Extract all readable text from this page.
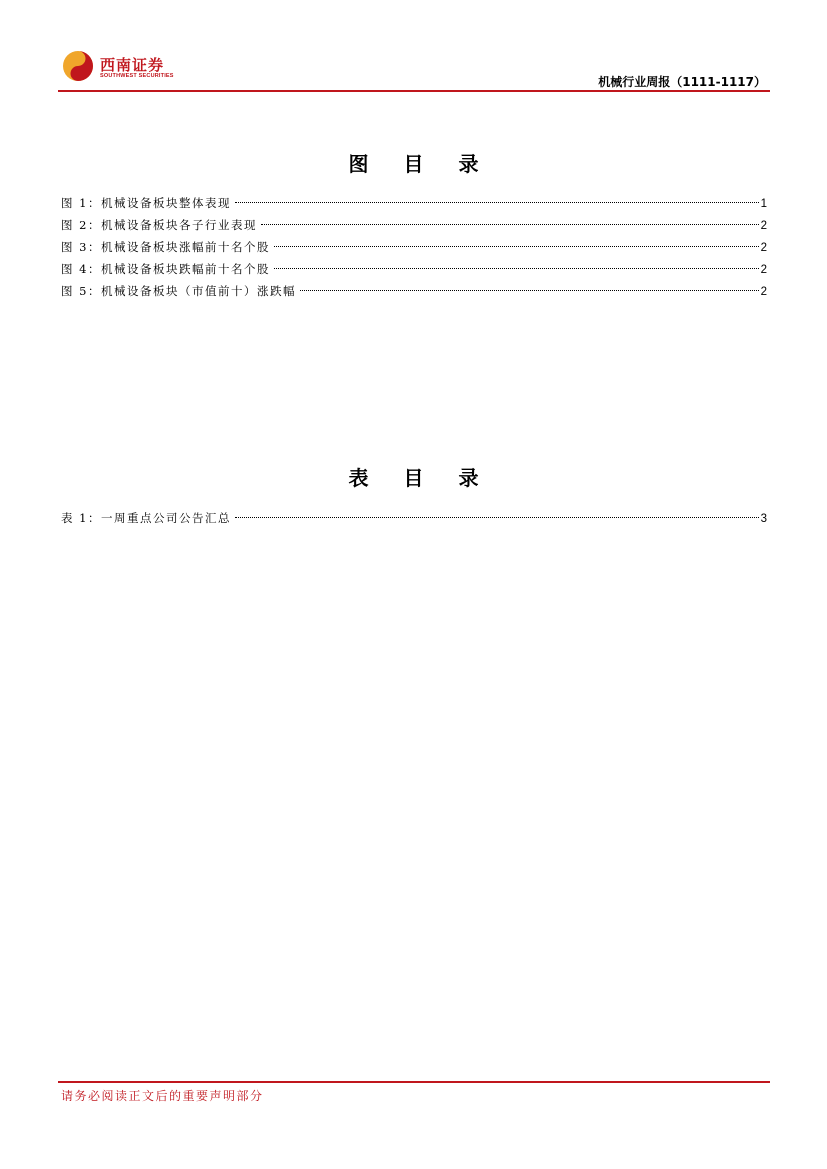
西南证券
SOUTHWEST SECURITIES	机械行业周报（1111-1117）
图 目 录
图 1：机械设备板块整体表现	1
图 2：机械设备板块各子行业表现	2
图 3：机械设备板块涨幅前十名个股	2
图 4：机械设备板块跌幅前十名个股	2
图 5：机械设备板块（市值前十）涨跌幅	2
表 目 录
表 1：一周重点公司公告汇总	3
请务必阅读正文后的重要声明部分
